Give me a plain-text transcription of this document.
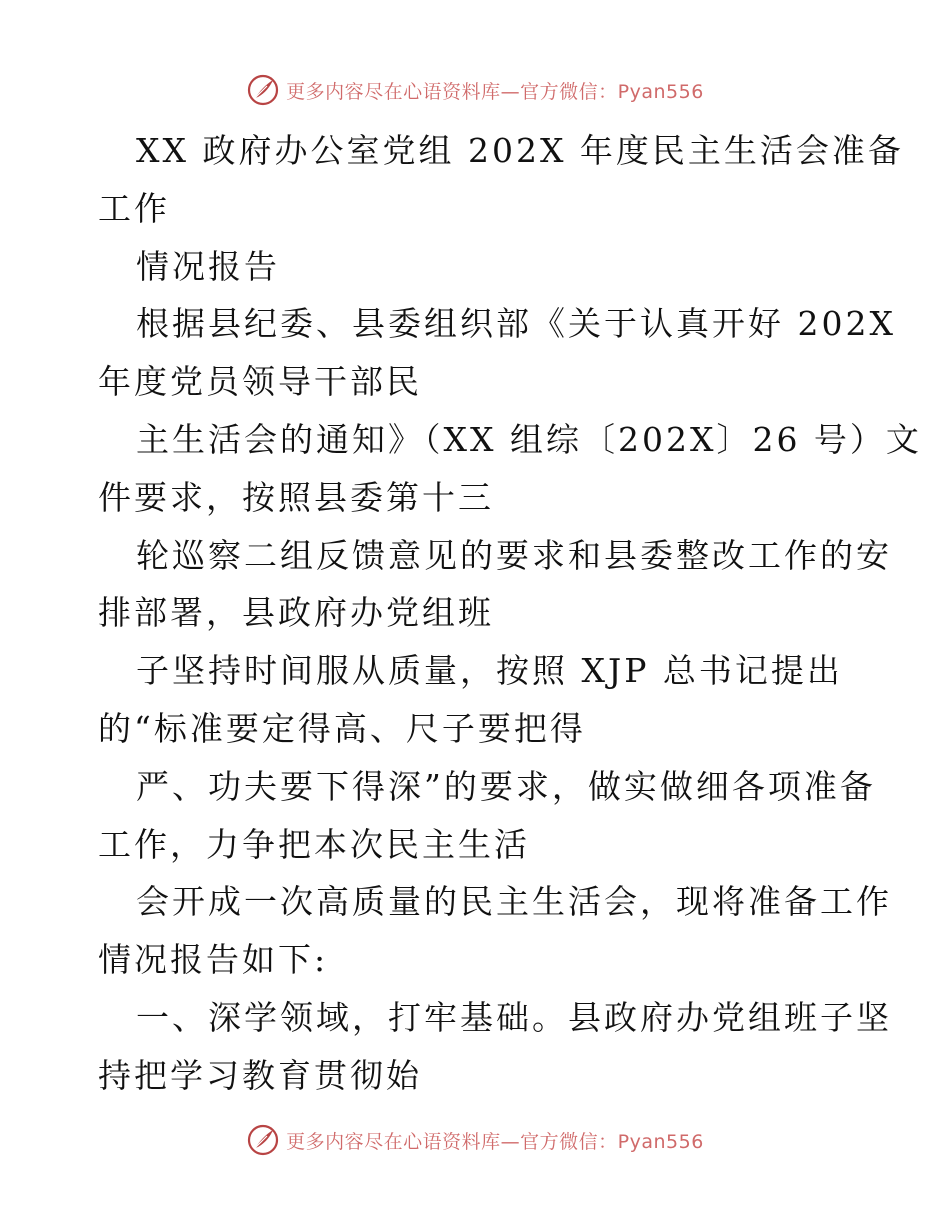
更多内容尽在心语资料库—官方微信：Pyan556
XX 政府办公室党组 202X 年度民主生活会准备
工作
情况报告
根据县纪委、县委组织部《关于认真开好 202X
年度党员领导干部民
主生活会的通知》（XX 组综〔202X〕26 号）文
件要求，按照县委第十三
轮巡察二组反馈意见的要求和县委整改工作的安
排部署，县政府办党组班
子坚持时间服从质量，按照 XJP 总书记提出
的“标准要定得高、尺子要把得
严、功夫要下得深”的要求，做实做细各项准备
工作，力争把本次民主生活
会开成一次高质量的民主生活会，现将准备工作
情况报告如下:
一、深学领域，打牢基础。县政府办党组班子坚
持把学习教育贯彻始
更多内容尽在心语资料库—官方微信：Pyan556
